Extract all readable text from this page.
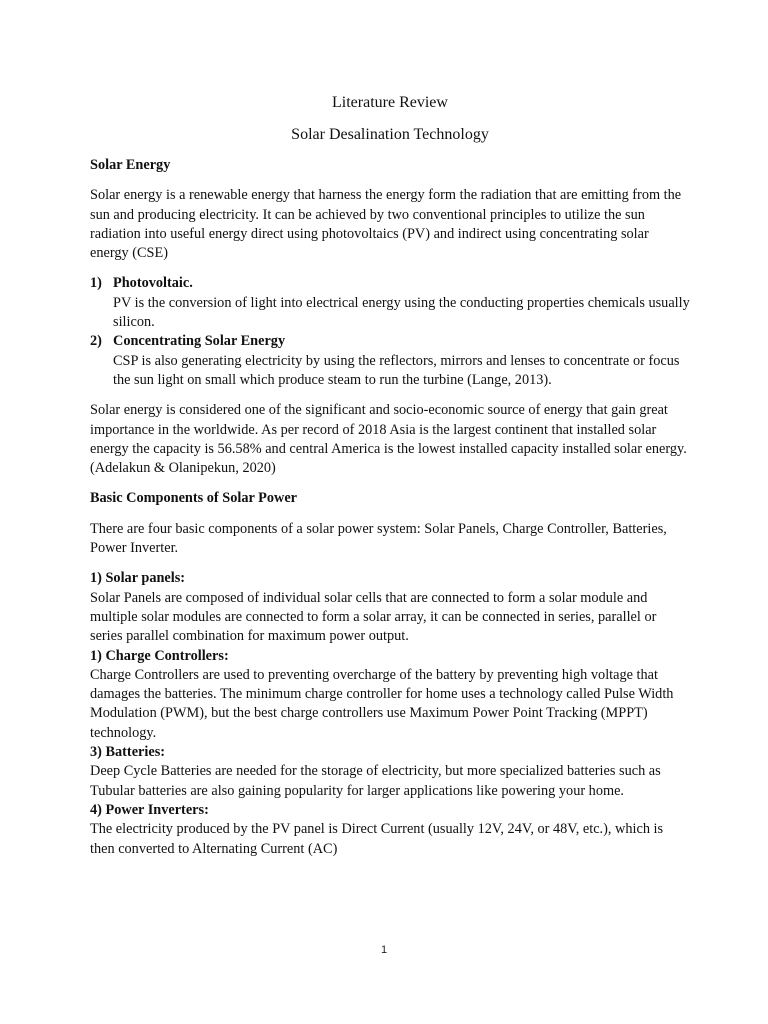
Literature Review
Solar Desalination Technology
Solar Energy

Solar energy is a renewable energy that harness the energy form the radiation that are emitting from the sun and producing electricity. It can be achieved by two conventional principles to utilize the sun radiation into useful energy direct using photovoltaics (PV) and indirect using concentrating solar energy (CSE)

1) Photovoltaic.
PV is the conversion of light into electrical energy using the conducting properties chemicals usually silicon.
2) Concentrating Solar Energy
CSP is also generating electricity by using the reflectors, mirrors and lenses to concentrate or focus the sun light on small which produce steam to run the turbine (Lange, 2013).

Solar energy is considered one of the significant and socio-economic source of energy that gain great importance in the worldwide. As per record of 2018 Asia is the largest continent that installed solar energy the capacity is 56.58% and central America is the lowest installed capacity installed solar energy. (Adelakun & Olanipekun, 2020)

Basic Components of Solar Power

There are four basic components of a solar power system: Solar Panels, Charge Controller, Batteries, Power Inverter.

1) Solar panels:
Solar Panels are composed of individual solar cells that are connected to form a solar module and multiple solar modules are connected to form a solar array, it can be connected in series, parallel or series parallel combination for maximum power output.
1) Charge Controllers:
Charge Controllers are used to preventing overcharge of the battery by preventing high voltage that damages the batteries. The minimum charge controller for home uses a technology called Pulse Width Modulation (PWM), but the best charge controllers use Maximum Power Point Tracking (MPPT) technology.
3) Batteries:
Deep Cycle Batteries are needed for the storage of electricity, but more specialized batteries such as Tubular batteries are also gaining popularity for larger applications like powering your home.
4) Power Inverters:
The electricity produced by the PV panel is Direct Current (usually 12V, 24V, or 48V, etc.), which is then converted to Alternating Current (AC)
1
